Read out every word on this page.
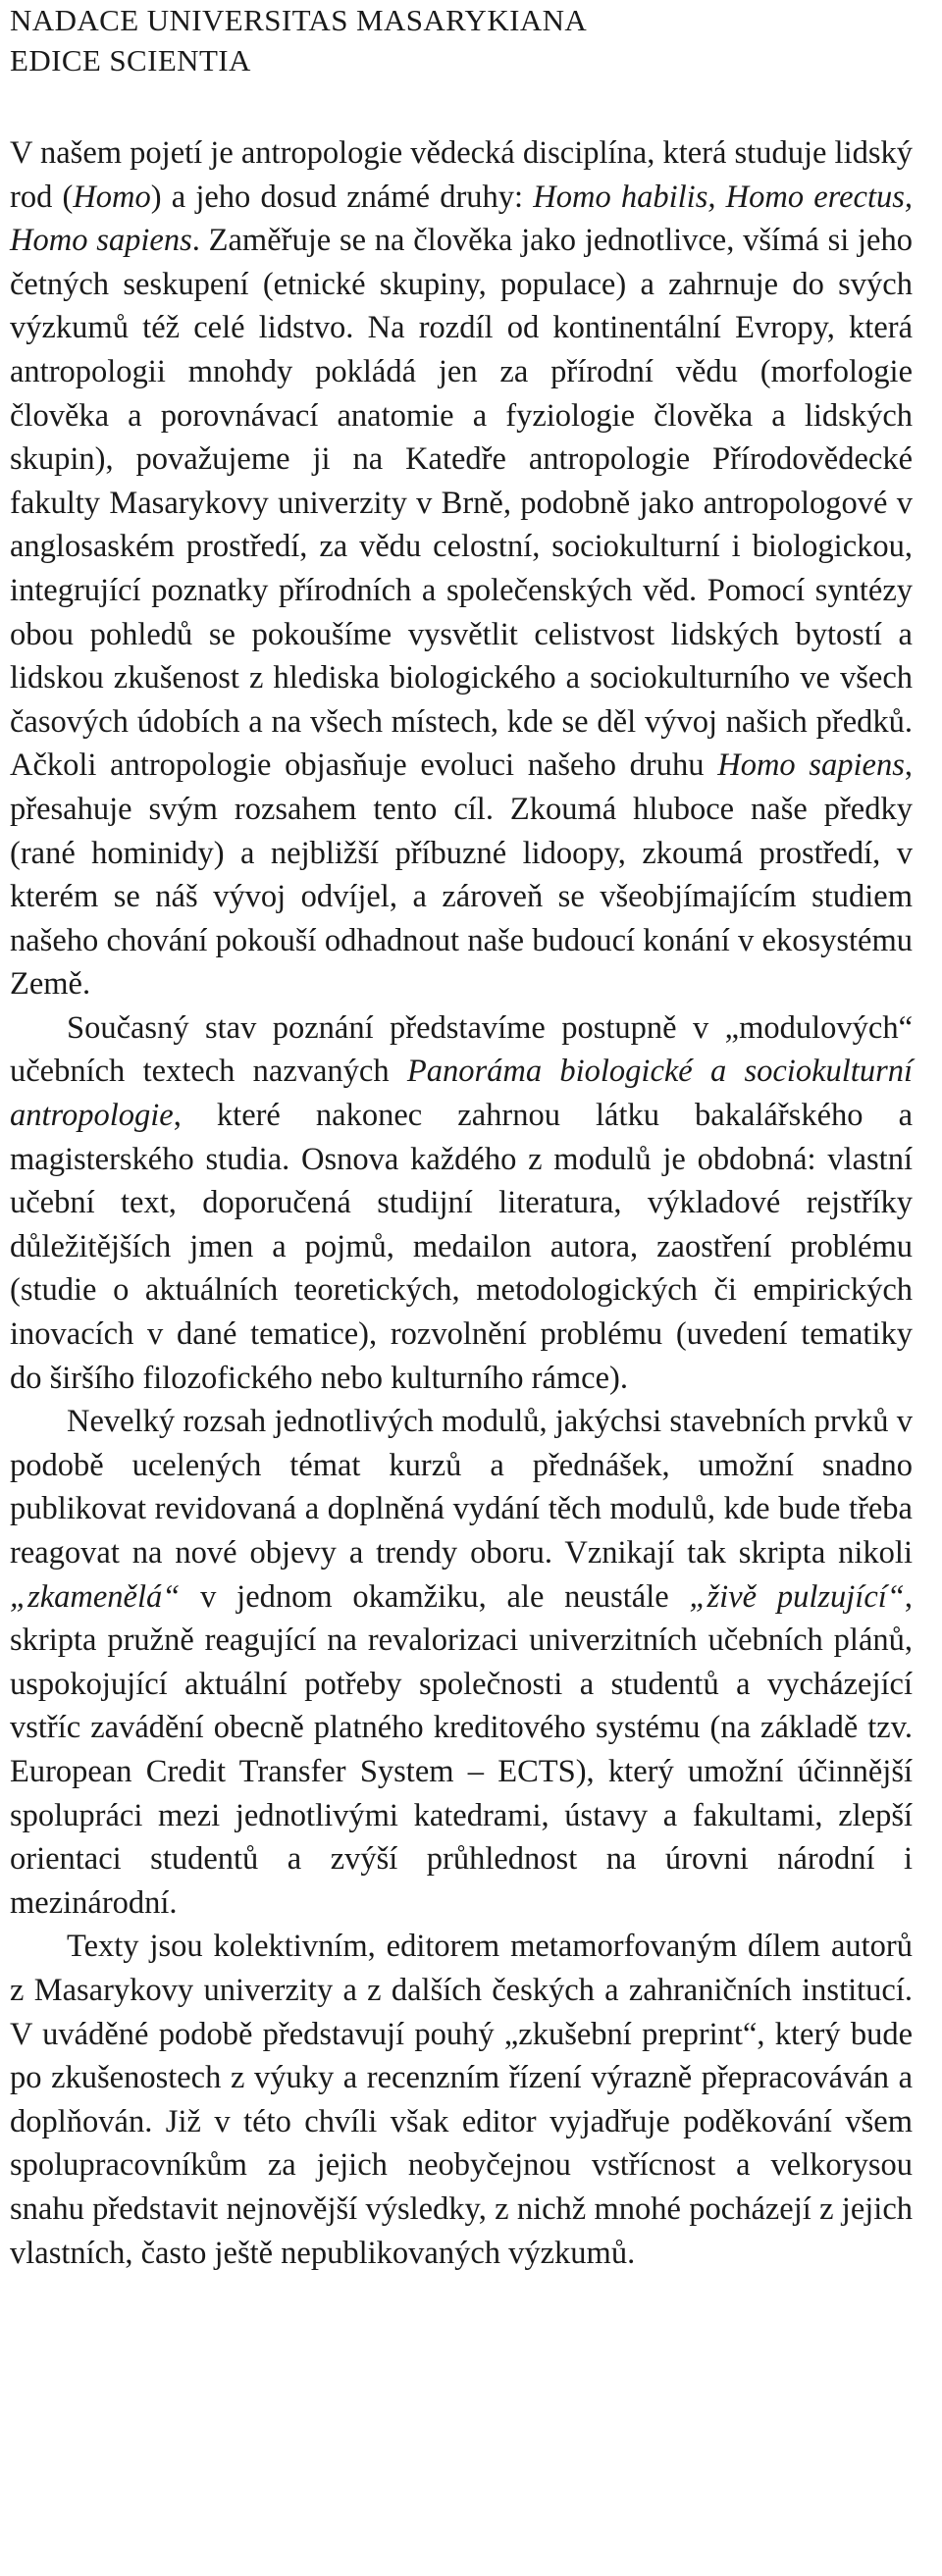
NADACE UNIVERSITAS MASARYKIANA
EDICE SCIENTIA

V našem pojetí je antropologie vědecká disciplína, která studuje lidský rod (Homo) a jeho dosud známé druhy: Homo habilis, Homo erectus, Homo sapiens. Zaměřuje se na člověka jako jednotlivce, všímá si jeho četných seskupení (etnické skupiny, populace) a zahrnuje do svých výzkumů též celé lidstvo. Na rozdíl od kontinentální Evropy, která antropologii mnohdy pokládá jen za přírodní vědu (morfologie člověka a porovnávací anatomie a fyziologie člověka a lidských skupin), považujeme ji na Katedře antropologie Přírodovědecké fakulty Masarykovy univerzity v Brně, podobně jako antropologové v anglosaském prostředí, za vědu celostní, sociokulturní i biologickou, integrující poznatky přírodních a společenských věd. Pomocí syntézy obou pohledů se pokoušíme vysvětlit celistvost lidských bytostí a lidskou zkušenost z hlediska biologického a sociokulturního ve všech časových údobích a na všech místech, kde se děl vývoj našich předků. Ačkoli antropologie objasňuje evoluci našeho druhu Homo sapiens, přesahuje svým rozsahem tento cíl. Zkoumá hluboce naše předky (rané hominidy) a nejbližší příbuzné lidoopy, zkoumá prostředí, v kterém se náš vývoj odvíjel, a zároveň se všeobjímajícím studiem našeho chování pokouší odhadnout naše budoucí konání v ekosystému Země.

Současný stav poznání představíme postupně v „modulových“ učebních textech nazvaných Panoráma biologické a sociokulturní antropologie, které nakonec zahrnou látku bakalářského a magisterského studia. Osnova každého z modulů je obdobná: vlastní učební text, doporučená studijní literatura, výkladové rejstříky důležitějších jmen a pojmů, medailon autora, zaostření problému (studie o aktuálních teoretických, metodologických či empirických inovacích v dané tematice), rozvolnění problému (uvedení tematiky do širšího filozofického nebo kulturního rámce).

Nevelký rozsah jednotlivých modulů, jakýchsi stavebních prvků v podobě ucelených témat kurzů a přednášek, umožní snadno publikovat revidovaná a doplněná vydání těch modulů, kde bude třeba reagovat na nové objevy a trendy oboru. Vznikají tak skripta nikoli „zkamenělá“ v jednom okamžiku, ale neustále „živě pulzující“, skripta pružně reagující na revalorizaci univerzitních učebních plánů, uspokojující aktuální potřeby společnosti a studentů a vycházející vstříc zavádění obecně platného kreditového systému (na základě tzv. European Credit Transfer System – ECTS), který umožní účinnější spolupráci mezi jednotlivými katedrami, ústavy a fakultami, zlepší orientaci studentů a zvýší průhlednost na úrovni národní i mezinárodní.

Texty jsou kolektivním, editorem metamorfovaným dílem autorů z Masarykovy univerzity a z dalších českých a zahraničních institucí. V uváděné podobě představují pouhý „zkušební preprint“, který bude po zkušenostech z výuky a recenzním řízení výrazně přepracováván a doplňován. Již v této chvíli však editor vyjadřuje poděkování všem spolupracovníkům za jejich neobyčejnou vstřícnost a velkorysou snahu představit nejnovější výsledky, z nichž mnohé pocházejí z jejich vlastních, často ještě nepublikovaných výzkumů.
